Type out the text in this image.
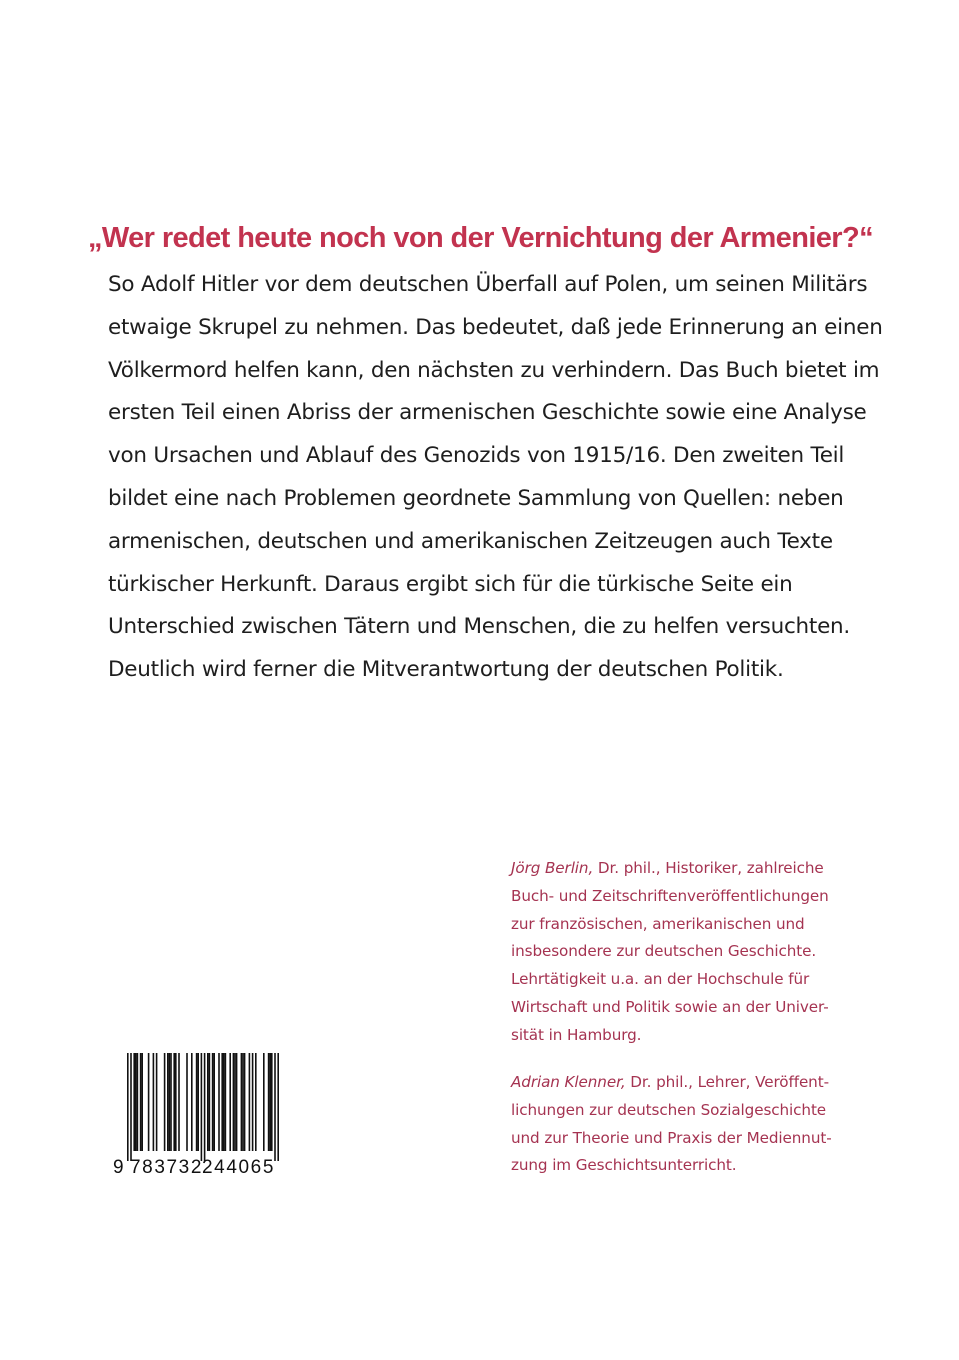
„Wer redet heute noch von der Vernichtung der Armenier?“
So Adolf Hitler vor dem deutschen Überfall auf Polen, um seinen Militärs
etwaige Skrupel zu nehmen. Das bedeutet, daß jede Erinnerung an einen
Völkermord helfen kann, den nächsten zu verhindern. Das Buch bietet im
ersten Teil einen Abriss der armenischen Geschichte sowie eine Analyse
von Ursachen und Ablauf des Genozids von 1915/16. Den zweiten Teil
bildet eine nach Problemen geordnete Sammlung von Quellen: neben
armenischen, deutschen und amerikanischen Zeitzeugen auch Texte
türkischer Herkunft. Daraus ergibt sich für die türkische Seite ein
Unterschied zwischen Tätern und Menschen, die zu helfen versuchten.
Deutlich wird ferner die Mitverantwortung der deutschen Politik.
Jörg Berlin, Dr. phil., Historiker, zahlreiche
Buch- und Zeitschriftenveröffentlichungen
zur französischen, amerikanischen und
insbesondere zur deutschen Geschichte.
Lehrtätigkeit u.a. an der Hochschule für
Wirtschaft und Politik sowie an der Univer-
sität in Hamburg.
Adrian Klenner, Dr. phil., Lehrer, Veröffent-
lichungen zur deutschen Sozialgeschichte
und zur Theorie und Praxis der Mediennut-
zung im Geschichtsunterricht.
9 783732
244065
